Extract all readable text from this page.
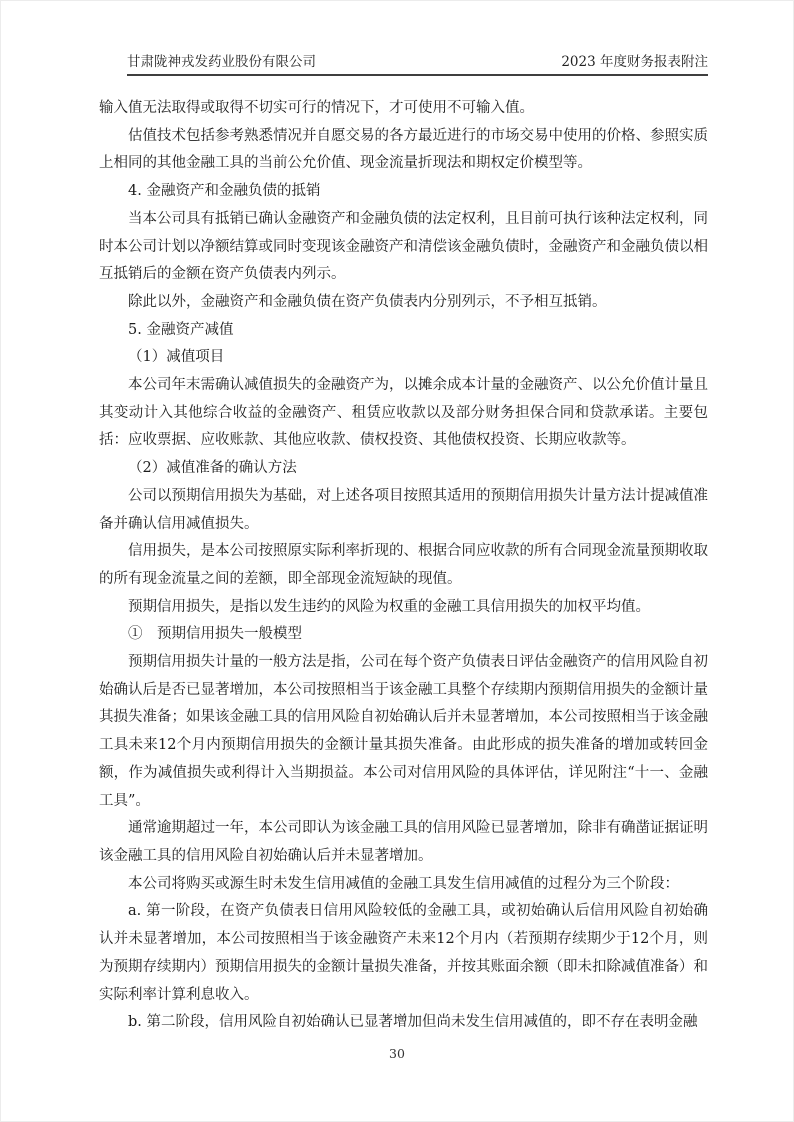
甘肃陇神戎发药业股份有限公司	2023 年度财务报表附注

输入值无法取得或取得不切实可行的情况下，才可使用不可输入值。

估值技术包括参考熟悉情况并自愿交易的各方最近进行的市场交易中使用的价格、参照实质上相同的其他金融工具的当前公允价值、现金流量折现法和期权定价模型等。

4. 金融资产和金融负债的抵销

当本公司具有抵销已确认金融资产和金融负债的法定权利，且目前可执行该种法定权利，同时本公司计划以净额结算或同时变现该金融资产和清偿该金融负债时，金融资产和金融负债以相互抵销后的金额在资产负债表内列示。

除此以外，金融资产和金融负债在资产负债表内分别列示，不予相互抵销。

5. 金融资产减值

（1）减值项目

本公司年末需确认减值损失的金融资产为，以摊余成本计量的金融资产、以公允价值计量且其变动计入其他综合收益的金融资产、租赁应收款以及部分财务担保合同和贷款承诺。主要包括：应收票据、应收账款、其他应收款、债权投资、其他债权投资、长期应收款等。

（2）减值准备的确认方法

公司以预期信用损失为基础，对上述各项目按照其适用的预期信用损失计量方法计提减值准备并确认信用减值损失。

信用损失，是本公司按照原实际利率折现的、根据合同应收款的所有合同现金流量预期收取的所有现金流量之间的差额，即全部现金流短缺的现值。

预期信用损失，是指以发生违约的风险为权重的金融工具信用损失的加权平均值。

①　预期信用损失一般模型

预期信用损失计量的一般方法是指，公司在每个资产负债表日评估金融资产的信用风险自初始确认后是否已显著增加，本公司按照相当于该金融工具整个存续期内预期信用损失的金额计量其损失准备；如果该金融工具的信用风险自初始确认后并未显著增加，本公司按照相当于该金融工具未来12个月内预期信用损失的金额计量其损失准备。由此形成的损失准备的增加或转回金额，作为减值损失或利得计入当期损益。本公司对信用风险的具体评估，详见附注“十一、金融工具”。

通常逾期超过一年，本公司即认为该金融工具的信用风险已显著增加，除非有确凿证据证明该金融工具的信用风险自初始确认后并未显著增加。

本公司将购买或源生时未发生信用减值的金融工具发生信用减值的过程分为三个阶段：

a. 第一阶段，在资产负债表日信用风险较低的金融工具，或初始确认后信用风险自初始确认并未显著增加，本公司按照相当于该金融资产未来12个月内（若预期存续期少于12个月，则为预期存续期内）预期信用损失的金额计量损失准备，并按其账面余额（即未扣除减值准备）和实际利率计算利息收入。

b. 第二阶段，信用风险自初始确认已显著增加但尚未发生信用减值的，即不存在表明金融

30
